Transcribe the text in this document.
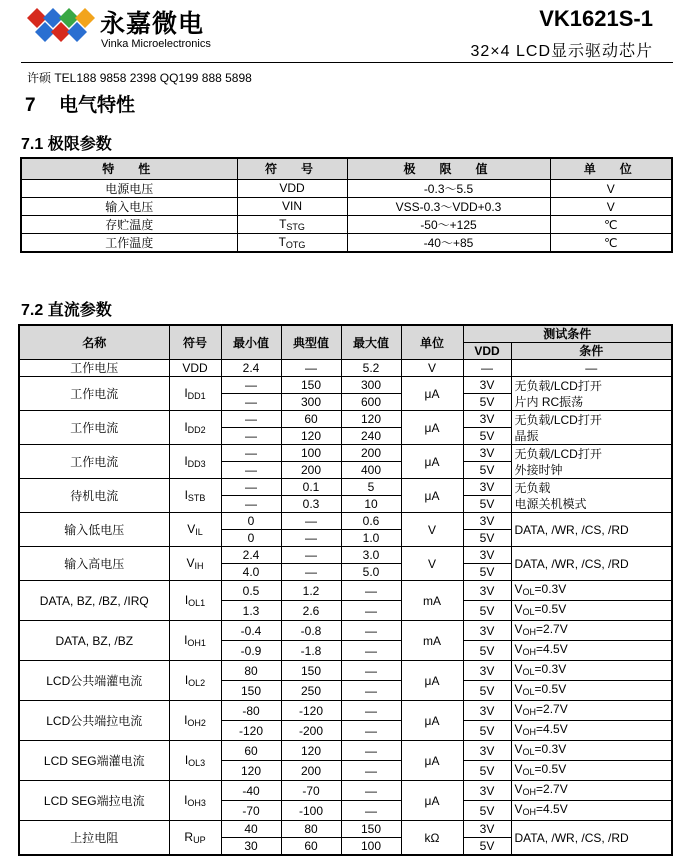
永嘉微电
Vinka Microelectronics
VK1621S-1
32×4 LCD显示驱动芯片
许硕 TEL188 9858 2398 QQ199 888 5898
7 电气特性
7.1 极限参数
特　性	符　号	极　限　值	单　位
电源电压	VDD	-0.3～5.5	V
输入电压	VIN	VSS-0.3～VDD+0.3	V
存贮温度	$T_{STG}$	-50～+125	℃
工作温度	$T_{OTG}$	-40～+85	℃
7.2 直流参数
名称	符号	最小值	典型值	最大值	单位	测试条件	
						VDD	条件
工作电压	VDD	2.4	—	5.2	V	—	—
工作电流	$I_{DD1}$	—	150	300	μA	3V	无负载/LCD打开
片内 RC振荡
		—	300	600		5V	
工作电流	$I_{DD2}$	—	60	120	μA	3V	无负载/LCD打开
晶振
		—	120	240		5V	
工作电流	$I_{DD3}$	—	100	200	μA	3V	无负载/LCD打开
外接时钟
		—	200	400		5V	
待机电流	$I_{STB}$	—	0.1	5	μA	3V	无负载
电源关机模式
		—	0.3	10		5V	
输入低电压	$V_{IL}$	0	—	0.6	V	3V	DATA, /WR, /CS, /RD
		0	—	1.0		5V	
输入高电压	$V_{IH}$	2.4	—	3.0	V	3V	DATA, /WR, /CS, /RD
		4.0	—	5.0		5V	
DATA, BZ, /BZ, /IRQ	$I_{OL1}$	0.5	1.2	—	mA	3V	$V_{OL}=0.3V$
		1.3	2.6	—		5V	$V_{OL}=0.5V$
DATA, BZ, /BZ	$I_{OH1}$	-0.4	-0.8	—	mA	3V	$V_{OH}=2.7V$
		-0.9	-1.8	—		5V	$V_{OH}=4.5V$
LCD公共端灌电流	$I_{OL2}$	80	150	—	μA	3V	$V_{OL}=0.3V$
		150	250	—		5V	$V_{OL}=0.5V$
LCD公共端拉电流	$I_{OH2}$	-80	-120	—	μA	3V	$V_{OH}=2.7V$
		-120	-200	—		5V	$V_{OH}=4.5V$
LCD SEG端灌电流	$I_{OL3}$	60	120	—	μA	3V	$V_{OL}=0.3V$
		120	200	—		5V	$V_{OL}=0.5V$
LCD SEG端拉电流	$I_{OH3}$	-40	-70	—	μA	3V	$V_{OH}=2.7V$
		-70	-100	—		5V	$V_{OH}=4.5V$
上拉电阻	$R_{UP}$	40	80	150	kΩ	3V	DATA, /WR, /CS, /RD
		30	60	100		5V	
